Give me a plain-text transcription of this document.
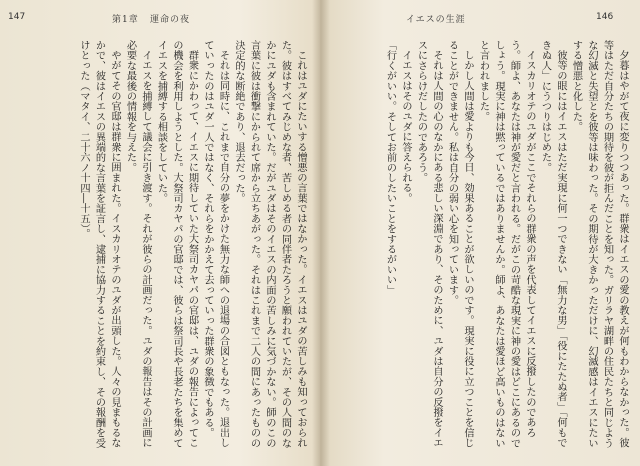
147	第1章 運命の夜

これはユダにたいする憎悪の言葉ではなかった。イエスはユダの苦しみも知っておられた。彼はすべてみじめな者、苦しめる者の同伴者たろうと願われていたが、その人間のなかにユダも含まれていた。だがユダはそのイエスの内面の苦しみに気づかない。師のこの言葉に彼は衝撃にかられて席から立ちあがった。それはこれまで二人の間にあったものの決定的な断絶であり、退去だった。

それは同時に、これまで自分の夢をかけた無力な師への退場の合図ともなった。退出していったのはユダ一人ではなく、それらをかかえて去っていった群衆の象徴でもある。

群衆にかわって、イエスに期待していた大祭司カヤパの官邸は、ユダの報告によってこの機会を利用しようとした。大祭司カヤパの官邸では、彼らは祭司長や長老たちを集めてイエスを捕縛する相談をしていた。

イエスを捕縛して議会に引き渡す。それが彼らの計画だった。ユダの報告はその計画に必要な最後の情報を与えた。

やがてその官邸は群衆に囲まれた。イスカリオテのユダが出頭した。人々の見まもるなかで、彼はイエスの異端的な言葉を証言し、逮捕に協力することを約束し、その報酬を受けとった（マタイ、二十六ノ十四―十五）。

イエスの生涯	146

夕暮はやがて夜に変りつつあった。群衆はイエスの愛の教えが何もわからなかった。彼等はただ自分たちの期待を彼が拒んだことを知った。ガリラヤ湖畔の住民たちと同じような幻滅と失望とを彼等は味わった。その期待が大きかっただけに、幻滅感はイエスにたいする憎悪と化した。

彼等の眼にはイエスはただ実現に何一つできない「無力な男」「役にたたぬ者」「何もできぬ人」にうつりはじめた。

イスカリオテのユダがここでそれらの群衆の声を代表してイエスに反撥したのであろう。師よ、あなたは神が愛だと言われる。だがこの苛酷な現実に神の愛はどこにあるのでしょう。現実に神は黙っているではありませんか。師よ、あなたは愛ほど高いものはないと言われました。

しかし人間は愛よりも今日、効果あることが欲しいのです。現実に役に立つことを信じることができません。私は自分の弱い心を知っています。

それは人間の心のなかにある悲しい深淵であり、そのために、ユダは自分の反撥をイエスにさらけだしたのであろう。

イエスはそのユダに答えられる。

「行くがいい。そしてお前のしたいことをするがいい」
